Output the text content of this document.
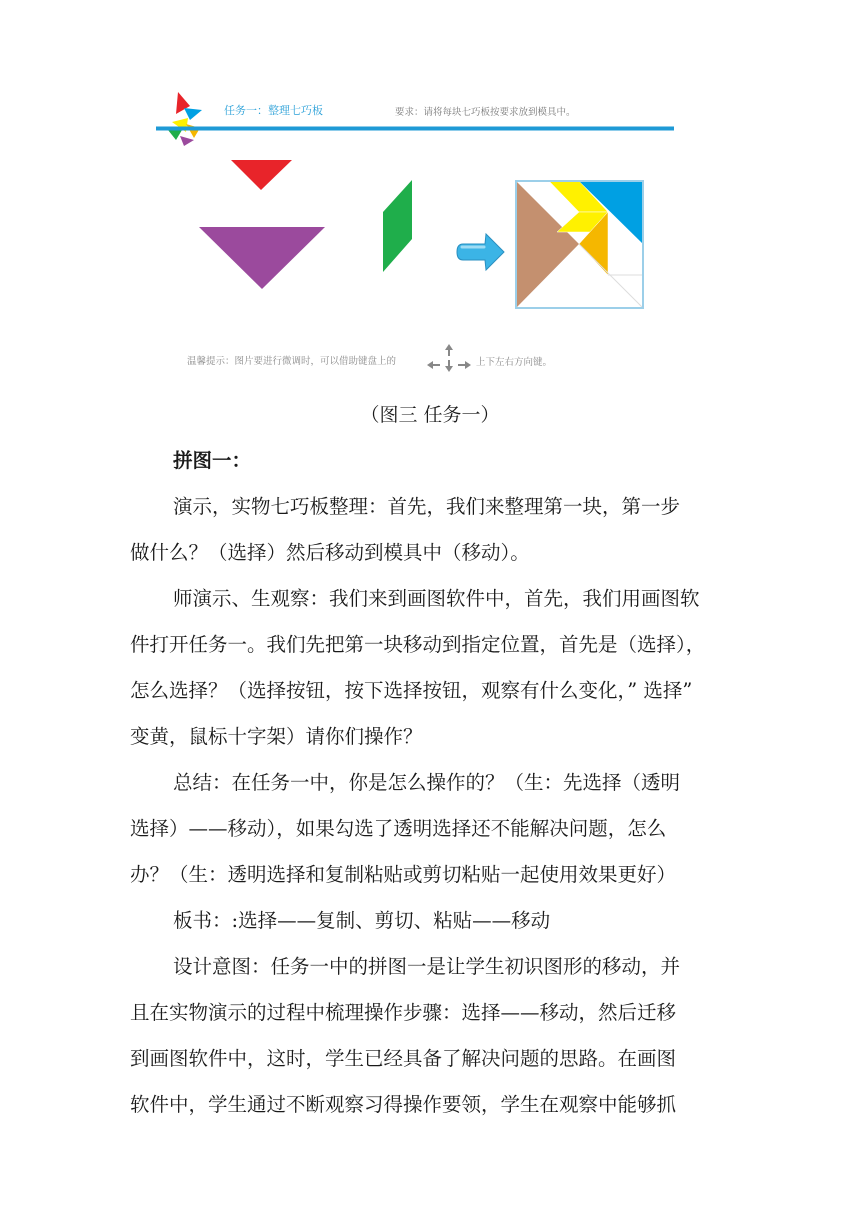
任务一：整理七巧板	要求：请将每块七巧板按要求放到模具中。
温馨提示：图片要进行微调时，可以借助键盘上的	上下左右方向键。
（图三 任务一）
拼图一：
演示，实物七巧板整理：首先，我们来整理第一块，第一步
做什么？（选择）然后移动到模具中（移动）。
师演示、生观察：我们来到画图软件中，首先，我们用画图软
件打开任务一。我们先把第一块移动到指定位置，首先是（选择），
怎么选择？（选择按钮，按下选择按钮，观察有什么变化，” 选择”
变黄，鼠标十字架）请你们操作？
总结：在任务一中，你是怎么操作的？（生：先选择（透明
选择）——移动），如果勾选了透明选择还不能解决问题，怎么
办？（生：透明选择和复制粘贴或剪切粘贴一起使用效果更好）
板书：:选择——复制、剪切、粘贴——移动
设计意图：任务一中的拼图一是让学生初识图形的移动，并
且在实物演示的过程中梳理操作步骤：选择——移动，然后迁移
到画图软件中，这时，学生已经具备了解决问题的思路。在画图
软件中，学生通过不断观察习得操作要领，学生在观察中能够抓
